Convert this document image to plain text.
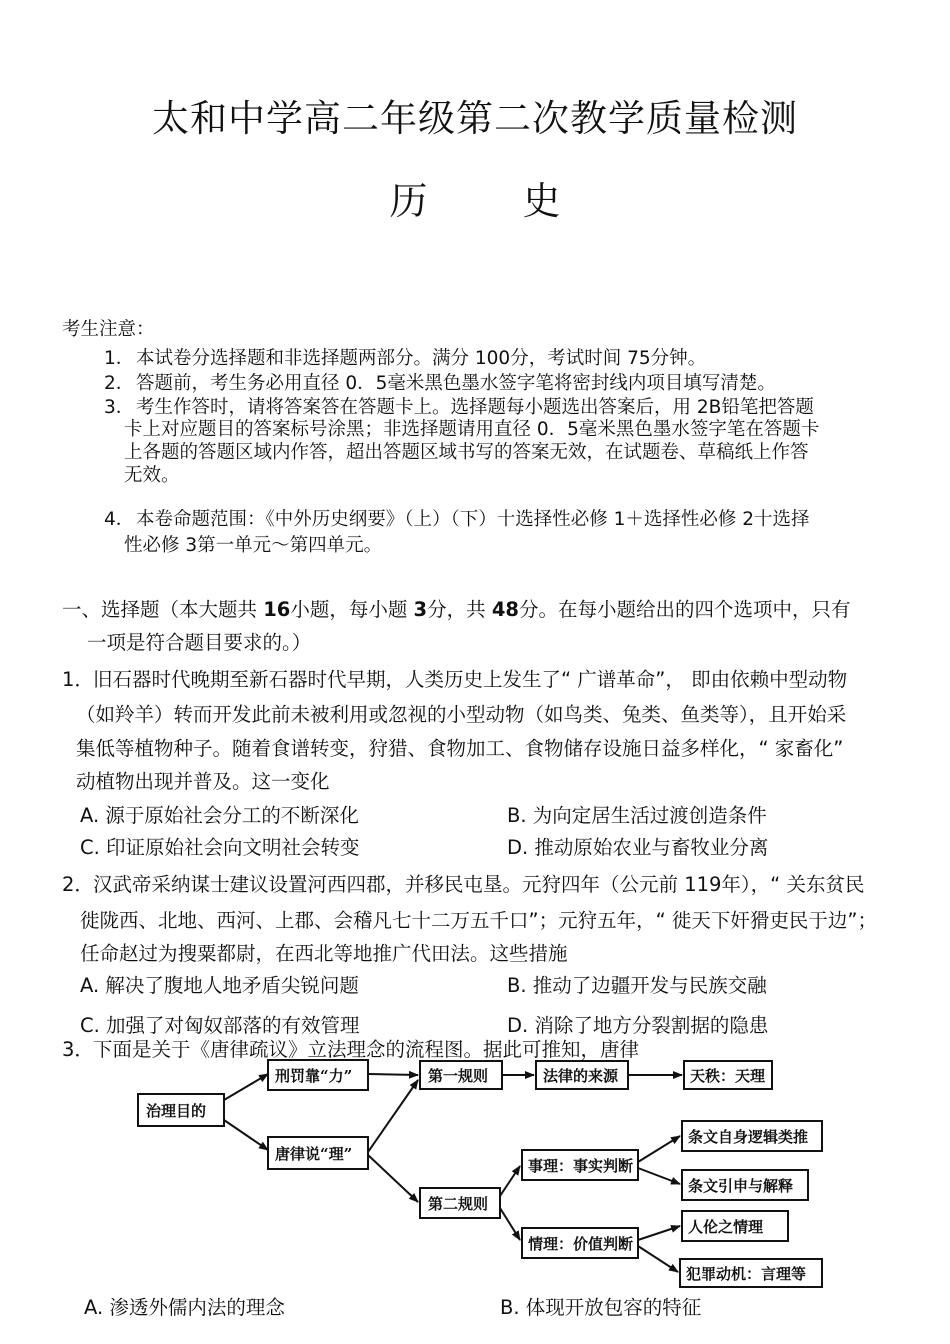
太和中学高二年级第二次教学质量检测
历	史
考生注意：
1． 本试卷分选择题和非选择题两部分。满分 100分，考试时间 75分钟。
2． 答题前，考生务必用直径 0．5毫米黑色墨水签字笔将密封线内项目填写清楚。
3． 考生作答时，请将答案答在答题卡上。选择题每小题选出答案后，用 2B铅笔把答题
卡上对应题目的答案标号涂黑；非选择题请用直径 0．5毫米黑色墨水签字笔在答题卡
上各题的答题区域内作答，超出答题区域书写的答案无效，在试题卷、草稿纸上作答
无效。
4． 本卷命题范围：《中外历史纲要》（上）（下）十选择性必修 1＋选择性必修 2十选择
性必修 3第一单元～第四单元。
一、选择题（本大题共 16小题，每小题 3分，共 48分。在每小题给出的四个选项中，只有
一项是符合题目要求的。）
1． 旧石器时代晚期至新石器时代早期，人类历史上发生了“ 广谱革命”， 即由依赖中型动物
（如羚羊）转而开发此前未被利用或忽视的小型动物（如鸟类、兔类、鱼类等），且开始采
集低等植物种子。随着食谱转变，狩猎、食物加工、食物储存设施日益多样化，“ 家畜化”
动植物出现并普及。这一变化
A. 源于原始社会分工的不断深化	B. 为向定居生活过渡创造条件
C. 印证原始社会向文明社会转变	D. 推动原始农业与畜牧业分离
2． 汉武帝采纳谋士建议设置河西四郡，并移民屯垦。元狩四年（公元前 119年），“ 关东贫民
徙陇西、北地、西河、上郡、会稽凡七十二万五千口”；元狩五年，“ 徙天下奸猾吏民于边”；
任命赵过为搜粟都尉，在西北等地推广代田法。这些措施
A. 解决了腹地人地矛盾尖锐问题	B. 推动了边疆开发与民族交融
C. 加强了对匈奴部落的有效管理	D. 消除了地方分裂割据的隐患
3． 下面是关于《唐律疏议》立法理念的流程图。据此可推知，唐律
治理目的
刑罚靠“力”
唐律说“理”
第一规则	法律的来源	天秩：天理
第二规则
事理：事实判断
情理：价值判断
条文自身逻辑类推
条文引申与解释
人伦之情理
犯罪动机：言理等
A. 渗透外儒内法的理念	B. 体现开放包容的特征
